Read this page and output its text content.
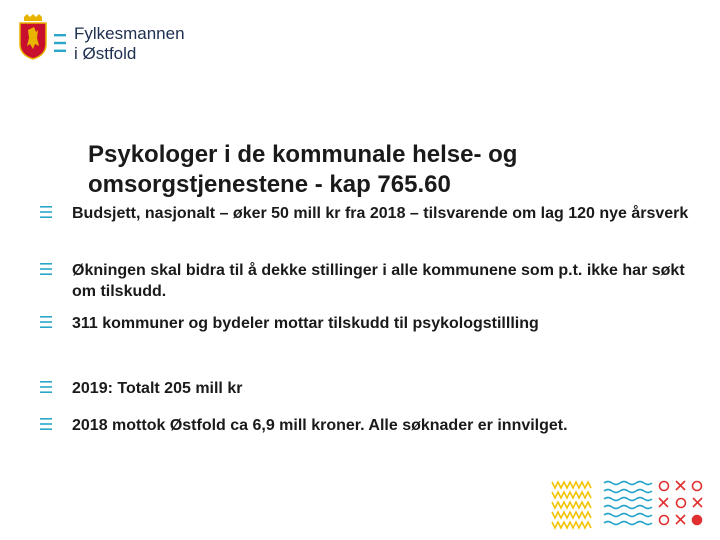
Fylkesmannen
i Østfold
Psykologer i de kommunale helse- og omsorgstjenestene - kap 765.60
Budsjett, nasjonalt – øker 50 mill kr fra 2018 – tilsvarende om lag 120 nye årsverk
Økningen skal bidra til å dekke stillinger i alle kommunene som p.t. ikke har søkt om tilskudd.
311 kommuner og bydeler mottar tilskudd til psykologstillling
2019: Totalt 205 mill kr
2018 mottok Østfold ca 6,9 mill kroner. Alle søknader er innvilget.
